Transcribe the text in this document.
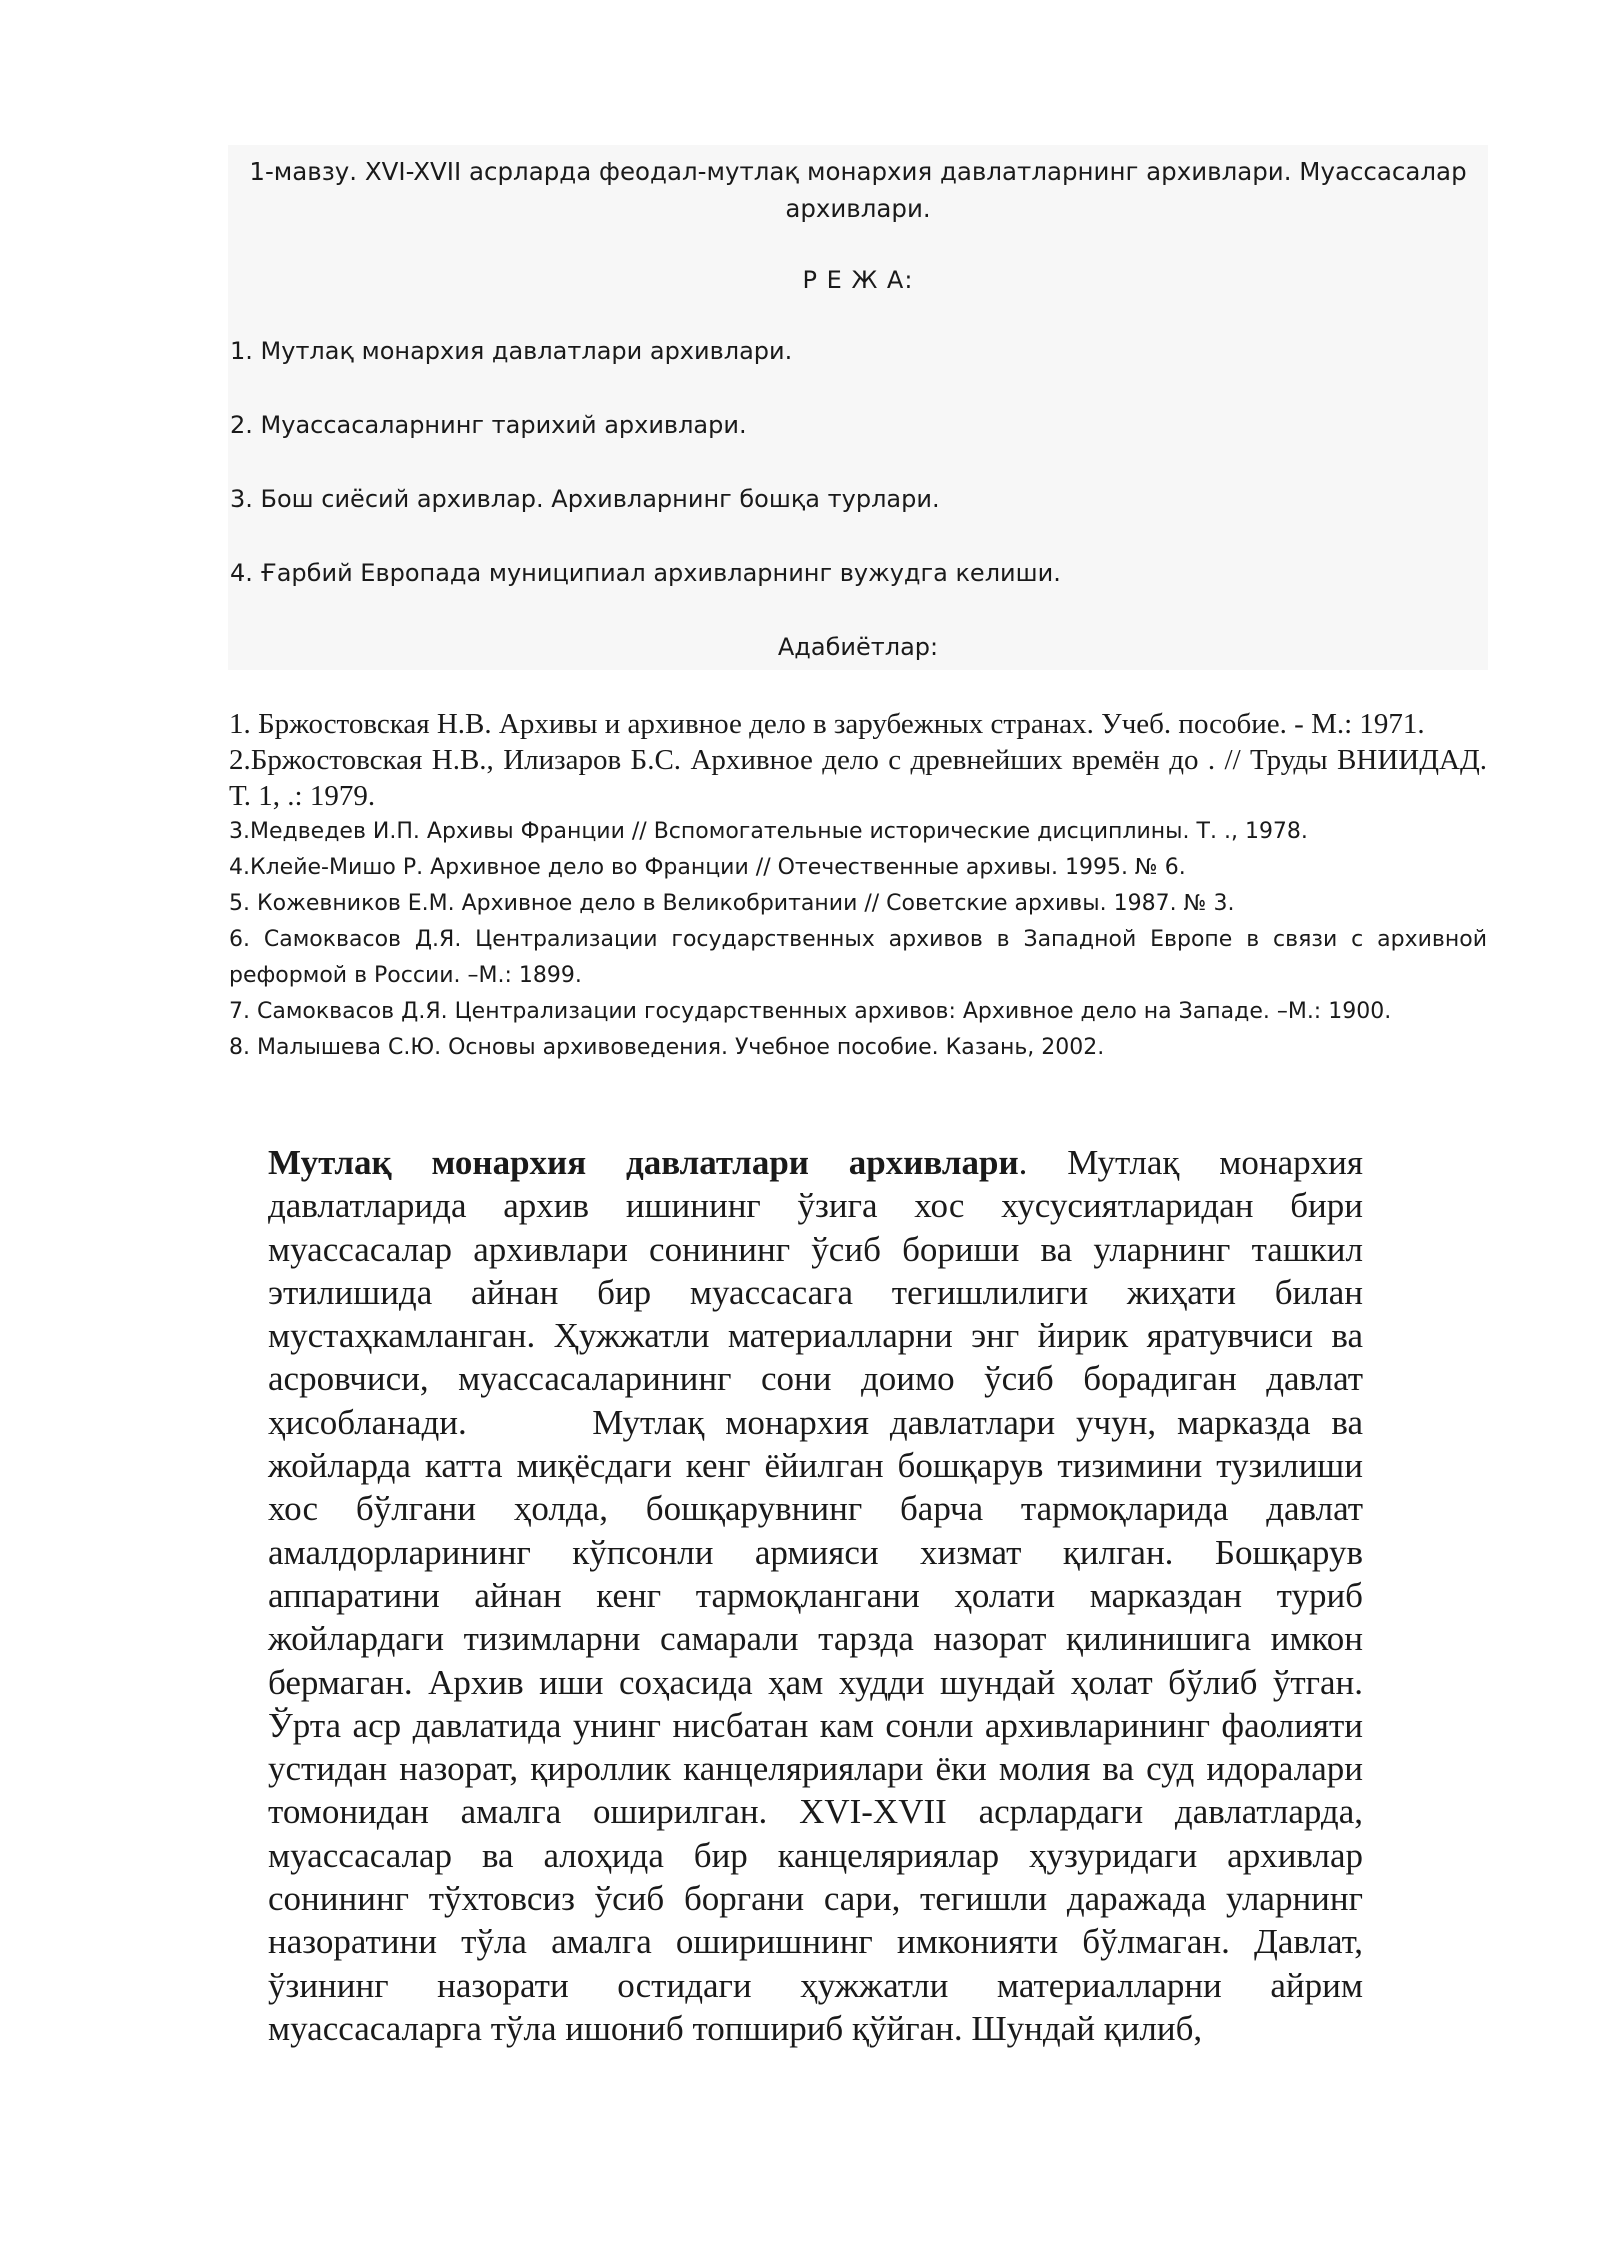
1-мавзу. XVI-XVII асрларда феодал-мутлақ монархия давлатларнинг архивлари. Муассасалар архивлари.
Р Е Ж А:
1. Мутлақ монархия давлатлари архивлари.
2. Муассасаларнинг тарихий архивлари.
3. Бош сиёсий архивлар. Архивларнинг бошқа турлари.
4. Ғарбий Европада муниципиал архивларнинг вужудга келиши.
Адабиётлар:

1. Бржостовская Н.В. Архивы и архивное дело в зарубежных странах. Учеб. пособие. - М.: 1971.

2.Бржостовская Н.В., Илизаров Б.С. Архивное дело с древнейших времён до . // Труды ВНИИДАД. Т. 1, .: 1979.

3.Медведев И.П. Архивы Франции // Вспомогательные исторические дисциплины. Т. ., 1978.

4.Клейе-Мишо Р. Архивное дело во Франции // Отечественные архивы. 1995. № 6.

5. Кожевников Е.М. Архивное дело в Великобритании // Советские архивы. 1987. № 3.

6. Самоквасов Д.Я. Централизации государственных архивов в Западной Европе в связи с архивной реформой в России. –М.: 1899.

7. Самоквасов Д.Я. Централизации государственных архивов: Архивное дело на Западе. –М.: 1900.

8. Малышева С.Ю. Основы архивоведения. Учебное пособие. Казань, 2002.

Мутлақ монархия давлатлари архивлари. Мутлақ монархия давлатларида архив ишининг ўзига хос хусусиятларидан бири муассасалар архивлари сонининг ўсиб бориши ва уларнинг ташкил этилишида айнан бир муассасага тегишлилиги жиҳати билан мустаҳкамланган. Ҳужжатли материалларни энг йирик яратувчиси ва асровчиси, муассасаларининг сони доимо ўсиб борадиган давлат ҳисобланади.      Мутлақ монархия давлатлари учун, марказда ва жойларда катта миқёсдаги кенг ёйилган бошқарув тизимини тузилиши хос бўлгани ҳолда, бошқарувнинг барча тармоқларида давлат амалдорларининг кўпсонли армияси хизмат қилган. Бошқарув аппаратини айнан кенг тармоқлангани ҳолати марказдан туриб жойлардаги тизимларни самарали тарзда назорат қилинишига имкон бермаган. Архив иши соҳасида ҳам худди шундай ҳолат бўлиб ўтган. Ўрта аср давлатида унинг нисбатан кам сонли архивларининг фаолияти устидан назорат, қироллик канцеляриялари ёки молия ва суд идоралари томонидан амалга оширилган. XVI-XVII асрлардаги давлатларда, муассасалар ва алоҳида бир канцеляриялар ҳузуридаги архивлар сонининг тўхтовсиз ўсиб боргани сари, тегишли даражада уларнинг назоратини тўла амалга оширишнинг имконияти бўлмаган. Давлат, ўзининг назорати остидаги ҳужжатли материалларни айрим муассасаларга тўла ишониб топшириб қўйган. Шундай қилиб,
